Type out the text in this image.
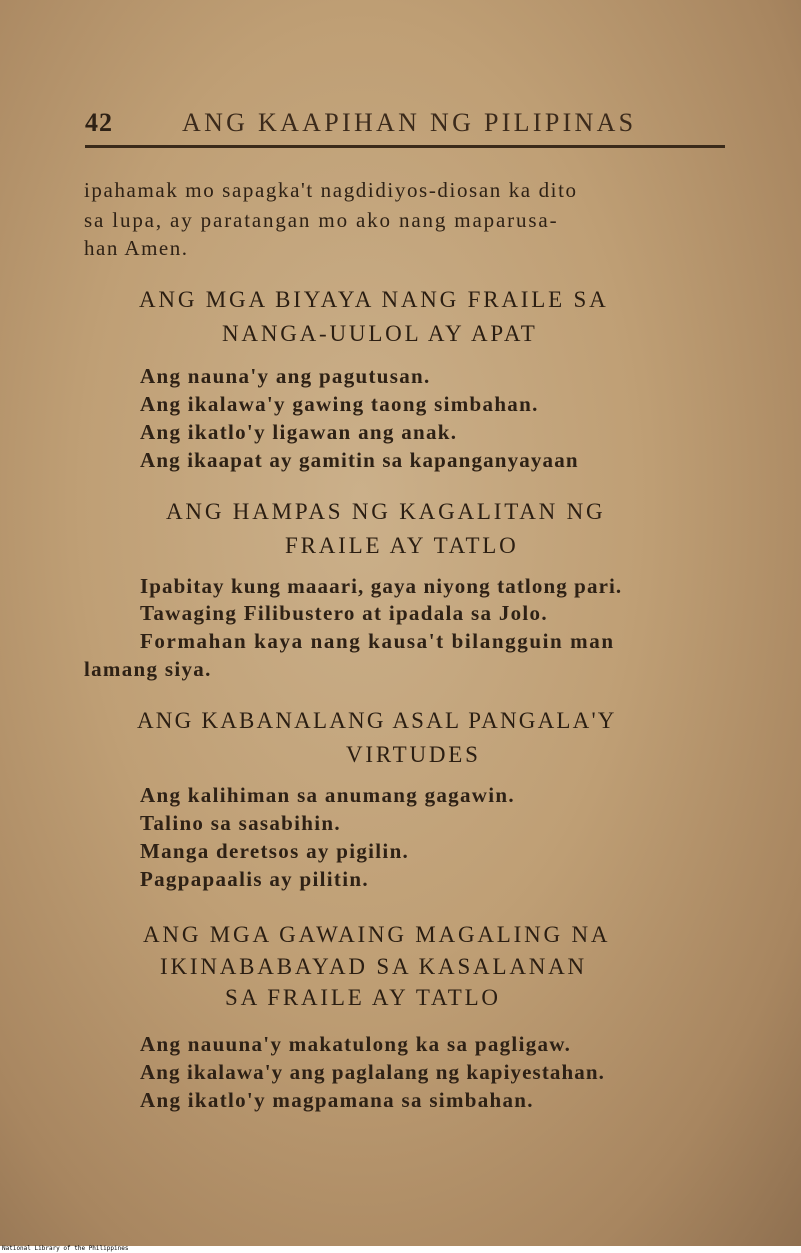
42	ANG KAAPIHAN NG PILIPINAS
ipahamak mo sapagka't nagdidiyos-diosan ka dito
sa lupa, ay paratangan mo ako nang maparusa-
han Amen.
ANG MGA BIYAYA NANG FRAILE SA
NANGA-UULOL AY APAT
Ang nauna'y ang pagutusan.
Ang ikalawa'y gawing taong simbahan.
Ang ikatlo'y ligawan ang anak.
Ang ikaapat ay gamitin sa kapanganyayaan
ANG HAMPAS NG KAGALITAN NG
FRAILE AY TATLO
Ipabitay kung maaari, gaya niyong tatlong pari.
Tawaging Filibustero at ipadala sa Jolo.
Formahan kaya nang kausa't bilangguin man
lamang siya.
ANG KABANALANG ASAL PANGALA'Y
VIRTUDES
Ang kalihiman sa anumang gagawin.
Talino sa sasabihin.
Manga deretsos ay pigilin.
Pagpapaalis ay pilitin.
ANG MGA GAWAING MAGALING NA
IKINABABAYAD SA KASALANAN
SA FRAILE AY TATLO
Ang nauuna'y makatulong ka sa pagligaw.
Ang ikalawa'y ang paglalang ng kapiyestahan.
Ang ikatlo'y magpamana sa simbahan.
National Library of the Philippines
